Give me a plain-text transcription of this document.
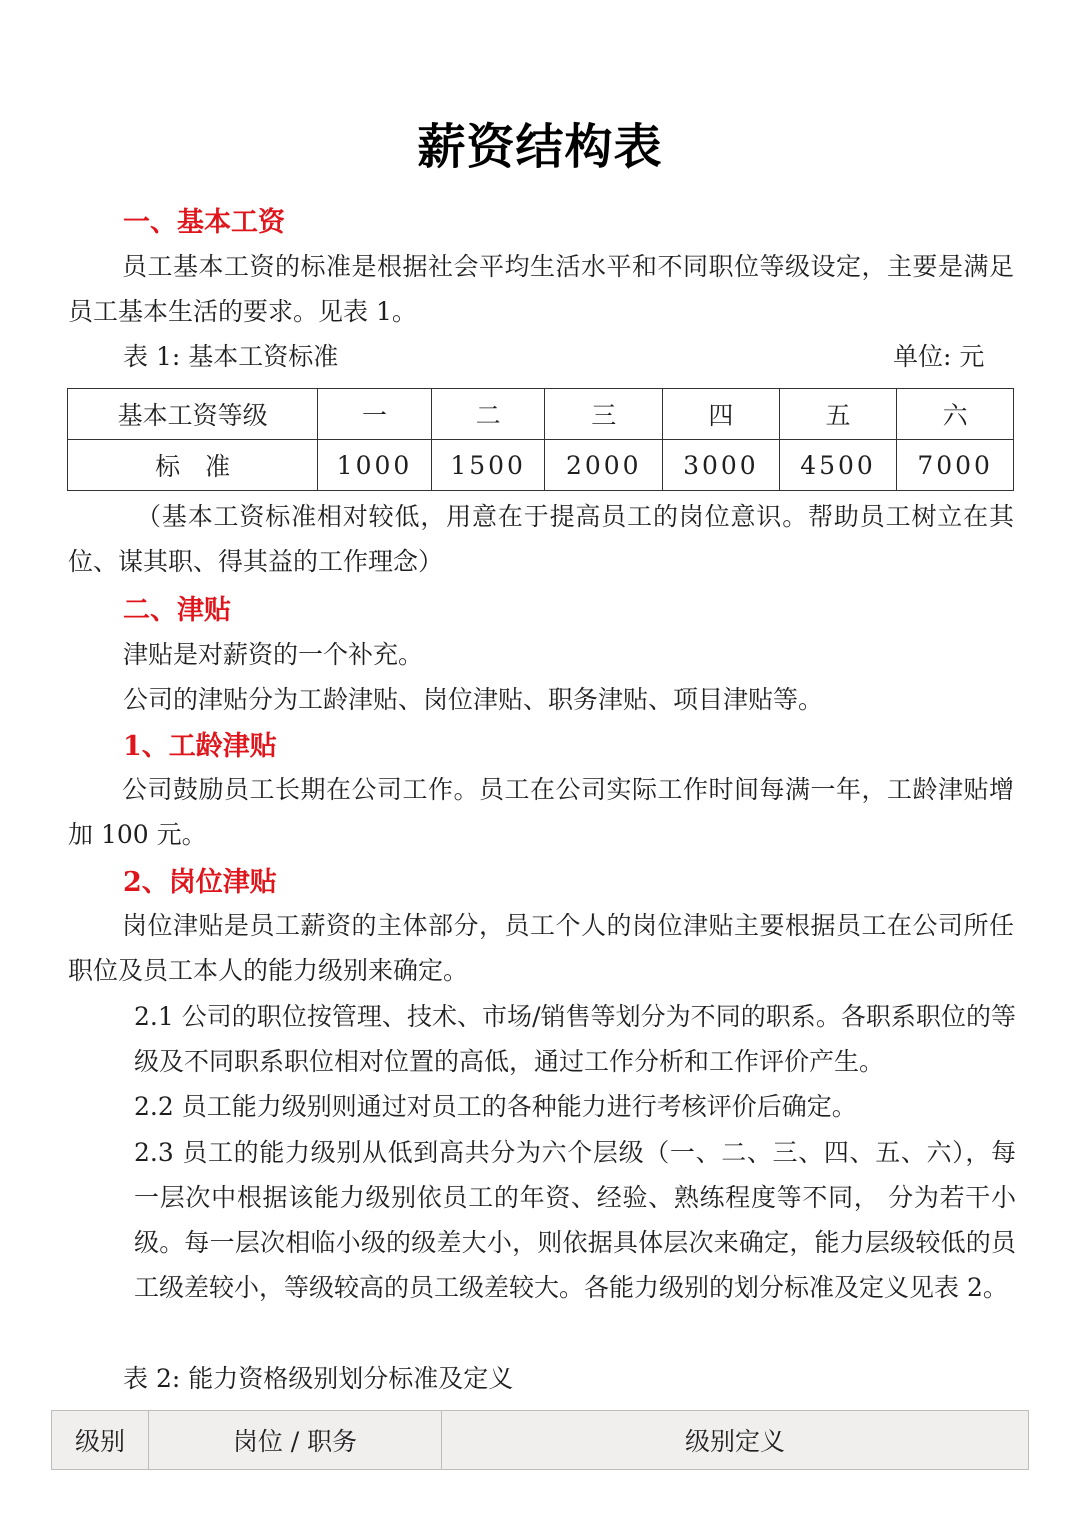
薪资结构表
一、基本工资
员工基本工资的标准是根据社会平均生活水平和不同职位等级设定，主要是满足员工基本生活的要求。见表 1。
表 1: 基本工资标准	单位: 元
基本工资等级	一	二	三	四	五	六
标　准	1000	1500	2000	3000	4500	7000
（基本工资标准相对较低，用意在于提高员工的岗位意识。帮助员工树立在其位、谋其职、得其益的工作理念）
二、津贴
津贴是对薪资的一个补充。
公司的津贴分为工龄津贴、岗位津贴、职务津贴、项目津贴等。
1、工龄津贴
公司鼓励员工长期在公司工作。员工在公司实际工作时间每满一年，工龄津贴增加 100 元。
2、岗位津贴
岗位津贴是员工薪资的主体部分，员工个人的岗位津贴主要根据员工在公司所任职位及员工本人的能力级别来确定。
2.1 公司的职位按管理、技术、市场/销售等划分为不同的职系。各职系职位的等级及不同职系职位相对位置的高低，通过工作分析和工作评价产生。
2.2 员工能力级别则通过对员工的各种能力进行考核评价后确定。
2.3 员工的能力级别从低到高共分为六个层级（一、二、三、四、五、六），每一层次中根据该能力级别依员工的年资、经验、熟练程度等不同， 分为若干小级。每一层次相临小级的级差大小，则依据具体层次来确定，能力层级较低的员工级差较小，等级较高的员工级差较大。各能力级别的划分标准及定义见表 2。
表 2: 能力资格级别划分标准及定义
级别	岗位 / 职务	级别定义
